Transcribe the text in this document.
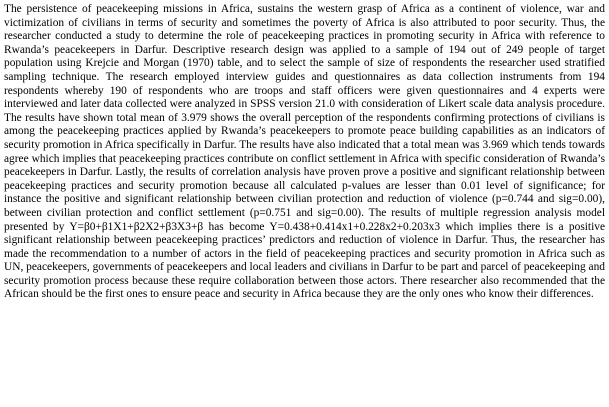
The persistence of peacekeeping missions in Africa, sustains the western grasp of Africa as a continent of violence, war and victimization of civilians in terms of security and sometimes the poverty of Africa is also attributed to poor security. Thus, the researcher conducted a study to determine the role of peacekeeping practices in promoting security in Africa with reference to Rwanda’s peacekeepers in Darfur. Descriptive research design was applied to a sample of 194 out of 249 people of target population using Krejcie and Morgan (1970) table, and to select the sample of size of respondents the researcher used stratified sampling technique. The research employed interview guides and questionnaires as data collection instruments from 194 respondents whereby 190 of respondents who are troops and staff officers were given questionnaires and 4 experts were interviewed and later data collected were analyzed in SPSS version 21.0 with consideration of Likert scale data analysis procedure. The results have shown total mean of 3.979 shows the overall perception of the respondents confirming protections of civilians is among the peacekeeping practices applied by Rwanda’s peacekeepers to promote peace building capabilities as an indicators of security promotion in Africa specifically in Darfur. The results have also indicated that a total mean was 3.969 which tends towards agree which implies that peacekeeping practices contribute on conflict settlement in Africa with specific consideration of Rwanda’s peacekeepers in Darfur. Lastly, the results of correlation analysis have proven prove a positive and significant relationship between peacekeeping practices and security promotion because all calculated p-values are lesser than 0.01 level of significance; for instance the positive and significant relationship between civilian protection and reduction of violence (p=0.744 and sig=0.00), between civilian protection and conflict settlement (p=0.751 and sig=0.00). The results of multiple regression analysis model presented by Y=β0+β1X1+β2X2+β3X3+β has become Y=0.438+0.414x1+0.228x2+0.203x3 which implies there is a positive significant relationship between peacekeeping practices’ predictors and reduction of violence in Darfur. Thus, the researcher has made the recommendation to a number of actors in the field of peacekeeping practices and security promotion in Africa such as UN, peacekeepers, governments of peacekeepers and local leaders and civilians in Darfur to be part and parcel of peacekeeping and security promotion process because these require collaboration between those actors. There researcher also recommended that the African should be the first ones to ensure peace and security in Africa because they are the only ones who know their differences.
